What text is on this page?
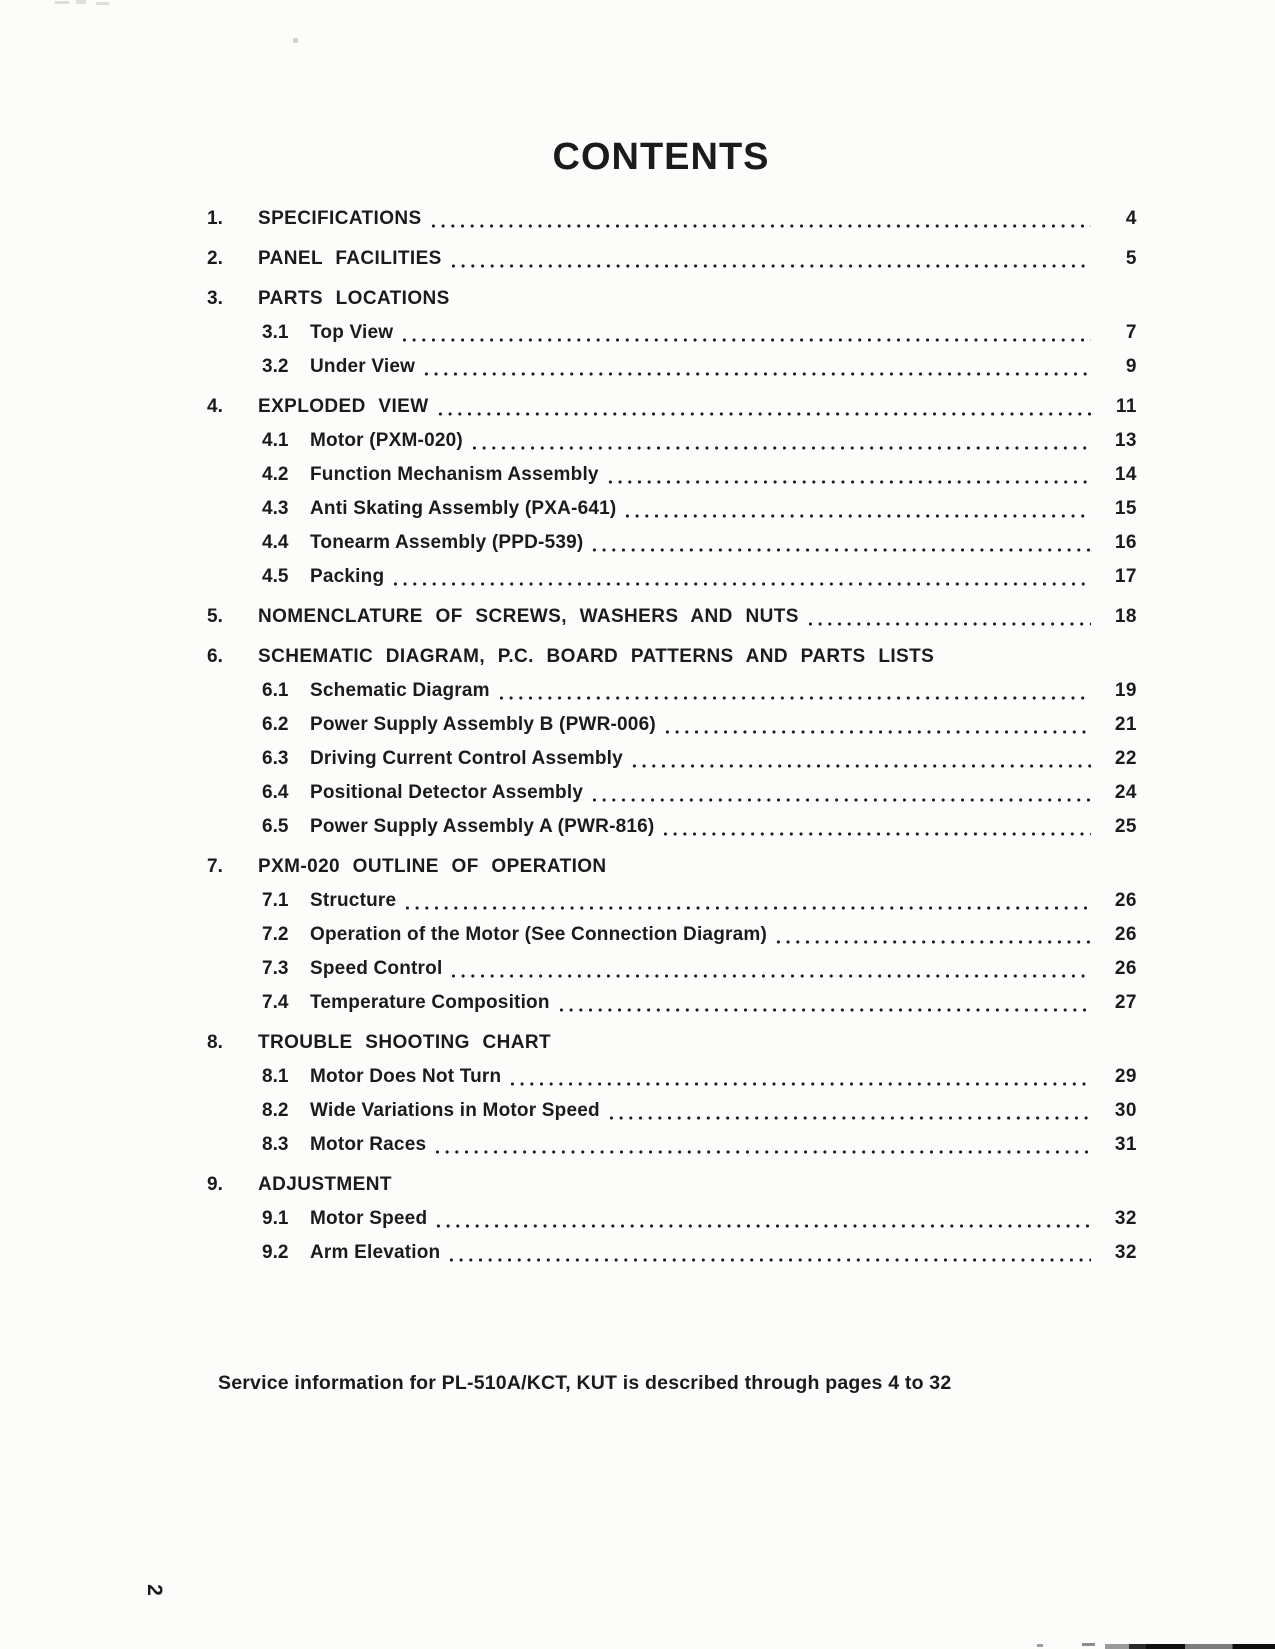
CONTENTS
1.	SPECIFICATIONS	4
2.	PANEL FACILITIES	5
3.	PARTS LOCATIONS
3.1	Top View	7
3.2	Under View	9
4.	EXPLODED VIEW	11
4.1	Motor (PXM-020)	13
4.2	Function Mechanism Assembly	14
4.3	Anti Skating Assembly (PXA-641)	15
4.4	Tonearm Assembly (PPD-539)	16
4.5	Packing	17
5.	NOMENCLATURE OF SCREWS, WASHERS AND NUTS	18
6.	SCHEMATIC DIAGRAM, P.C. BOARD PATTERNS AND PARTS LISTS
6.1	Schematic Diagram	19
6.2	Power Supply Assembly B (PWR-006)	21
6.3	Driving Current Control Assembly	22
6.4	Positional Detector Assembly	24
6.5	Power Supply Assembly A (PWR-816)	25
7.	PXM-020 OUTLINE OF OPERATION
7.1	Structure	26
7.2	Operation of the Motor (See Connection Diagram)	26
7.3	Speed Control	26
7.4	Temperature Composition	27
8.	TROUBLE SHOOTING CHART
8.1	Motor Does Not Turn	29
8.2	Wide Variations in Motor Speed	30
8.3	Motor Races	31
9.	ADJUSTMENT
9.1	Motor Speed	32
9.2	Arm Elevation	32

Service information for PL-510A/KCT, KUT is described through pages 4 to 32

2
